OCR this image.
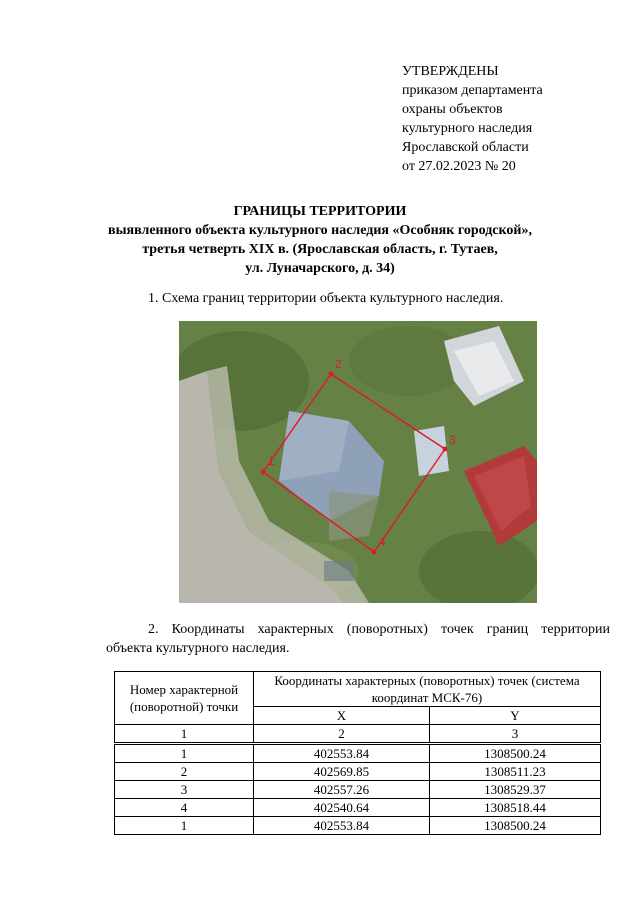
УТВЕРЖДЕНЫ
приказом департамента
охраны объектов
культурного наследия
Ярославской области
от 27.02.2023 № 20
ГРАНИЦЫ ТЕРРИТОРИИ
выявленного объекта культурного наследия «Особняк городской»,
третья четверть XIX в. (Ярославская область, г. Тутаев,
ул. Луначарского, д. 34)
1. Схема границ территории объекта культурного наследия.
1
2
3
4
2. Координаты характерных (поворотных) точек границ территории
объекта культурного наследия.
Номер характерной (поворотной) точки	Координаты характерных (поворотных) точек (система координат МСК-76)	
	X	Y
1	2	3
1	402553.84	1308500.24
2	402569.85	1308511.23
3	402557.26	1308529.37
4	402540.64	1308518.44
1	402553.84	1308500.24
